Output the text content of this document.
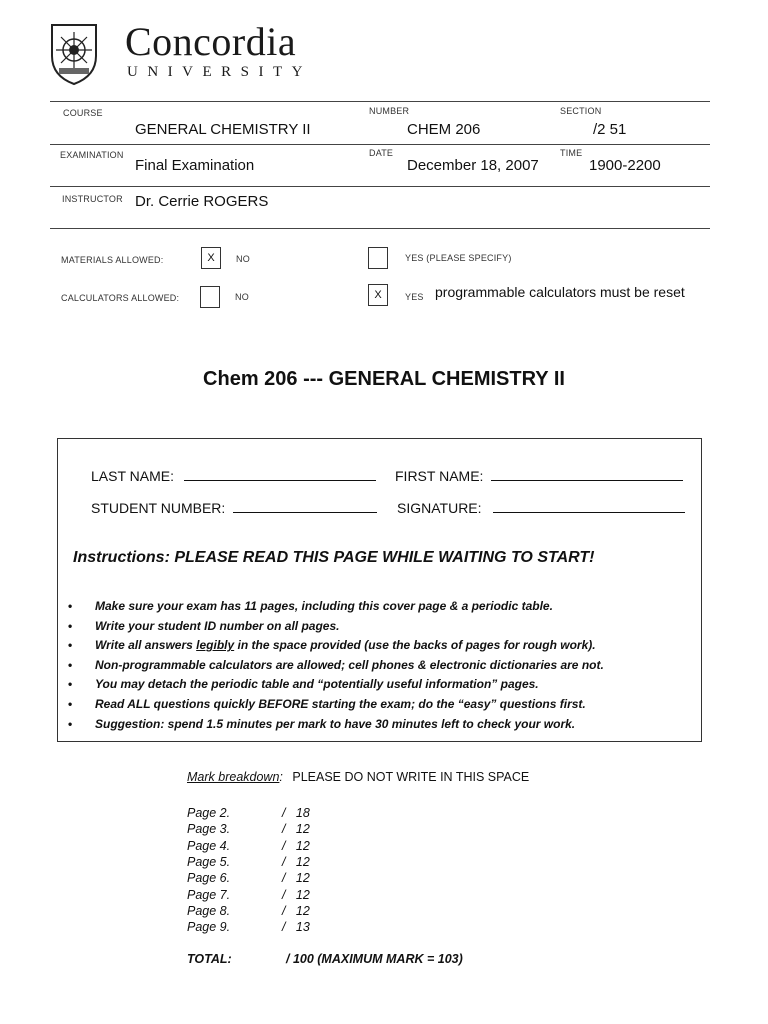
Concordia
UNIVERSITY
COURSE
GENERAL CHEMISTRY II
NUMBER
CHEM 206
SECTION
/2 51
EXAMINATION
Final Examination
DATE
December 18, 2007
TIME
1900-2200
INSTRUCTOR Dr. Cerrie ROGERS
MATERIALS ALLOWED:	X	NO	YES (PLEASE SPECIFY)
CALCULATORS ALLOWED:	NO	X	YES programmable calculators must be reset
Chem 206 --- GENERAL CHEMISTRY II
LAST NAME:	FIRST NAME:
STUDENT NUMBER:	SIGNATURE:
Instructions: PLEASE READ THIS PAGE WHILE WAITING TO START!
• Make sure your exam has 11 pages, including this cover page & a periodic table.
• Write your student ID number on all pages.
• Write all answers legibly in the space provided (use the backs of pages for rough work).
• Non-programmable calculators are allowed; cell phones & electronic dictionaries are not.
• You may detach the periodic table and “potentially useful information” pages.
• Read ALL questions quickly BEFORE starting the exam; do the “easy” questions first.
• Suggestion: spend 1.5 minutes per mark to have 30 minutes left to check your work.
Mark breakdown: PLEASE DO NOT WRITE IN THIS SPACE
Page 2.	/   18
Page 3.	/   12
Page 4.	/   12
Page 5.	/   12
Page 6.	/   12
Page 7.	/   12
Page 8.	/   12
Page 9.	/   13
TOTAL:	/ 100 (MAXIMUM MARK = 103)
